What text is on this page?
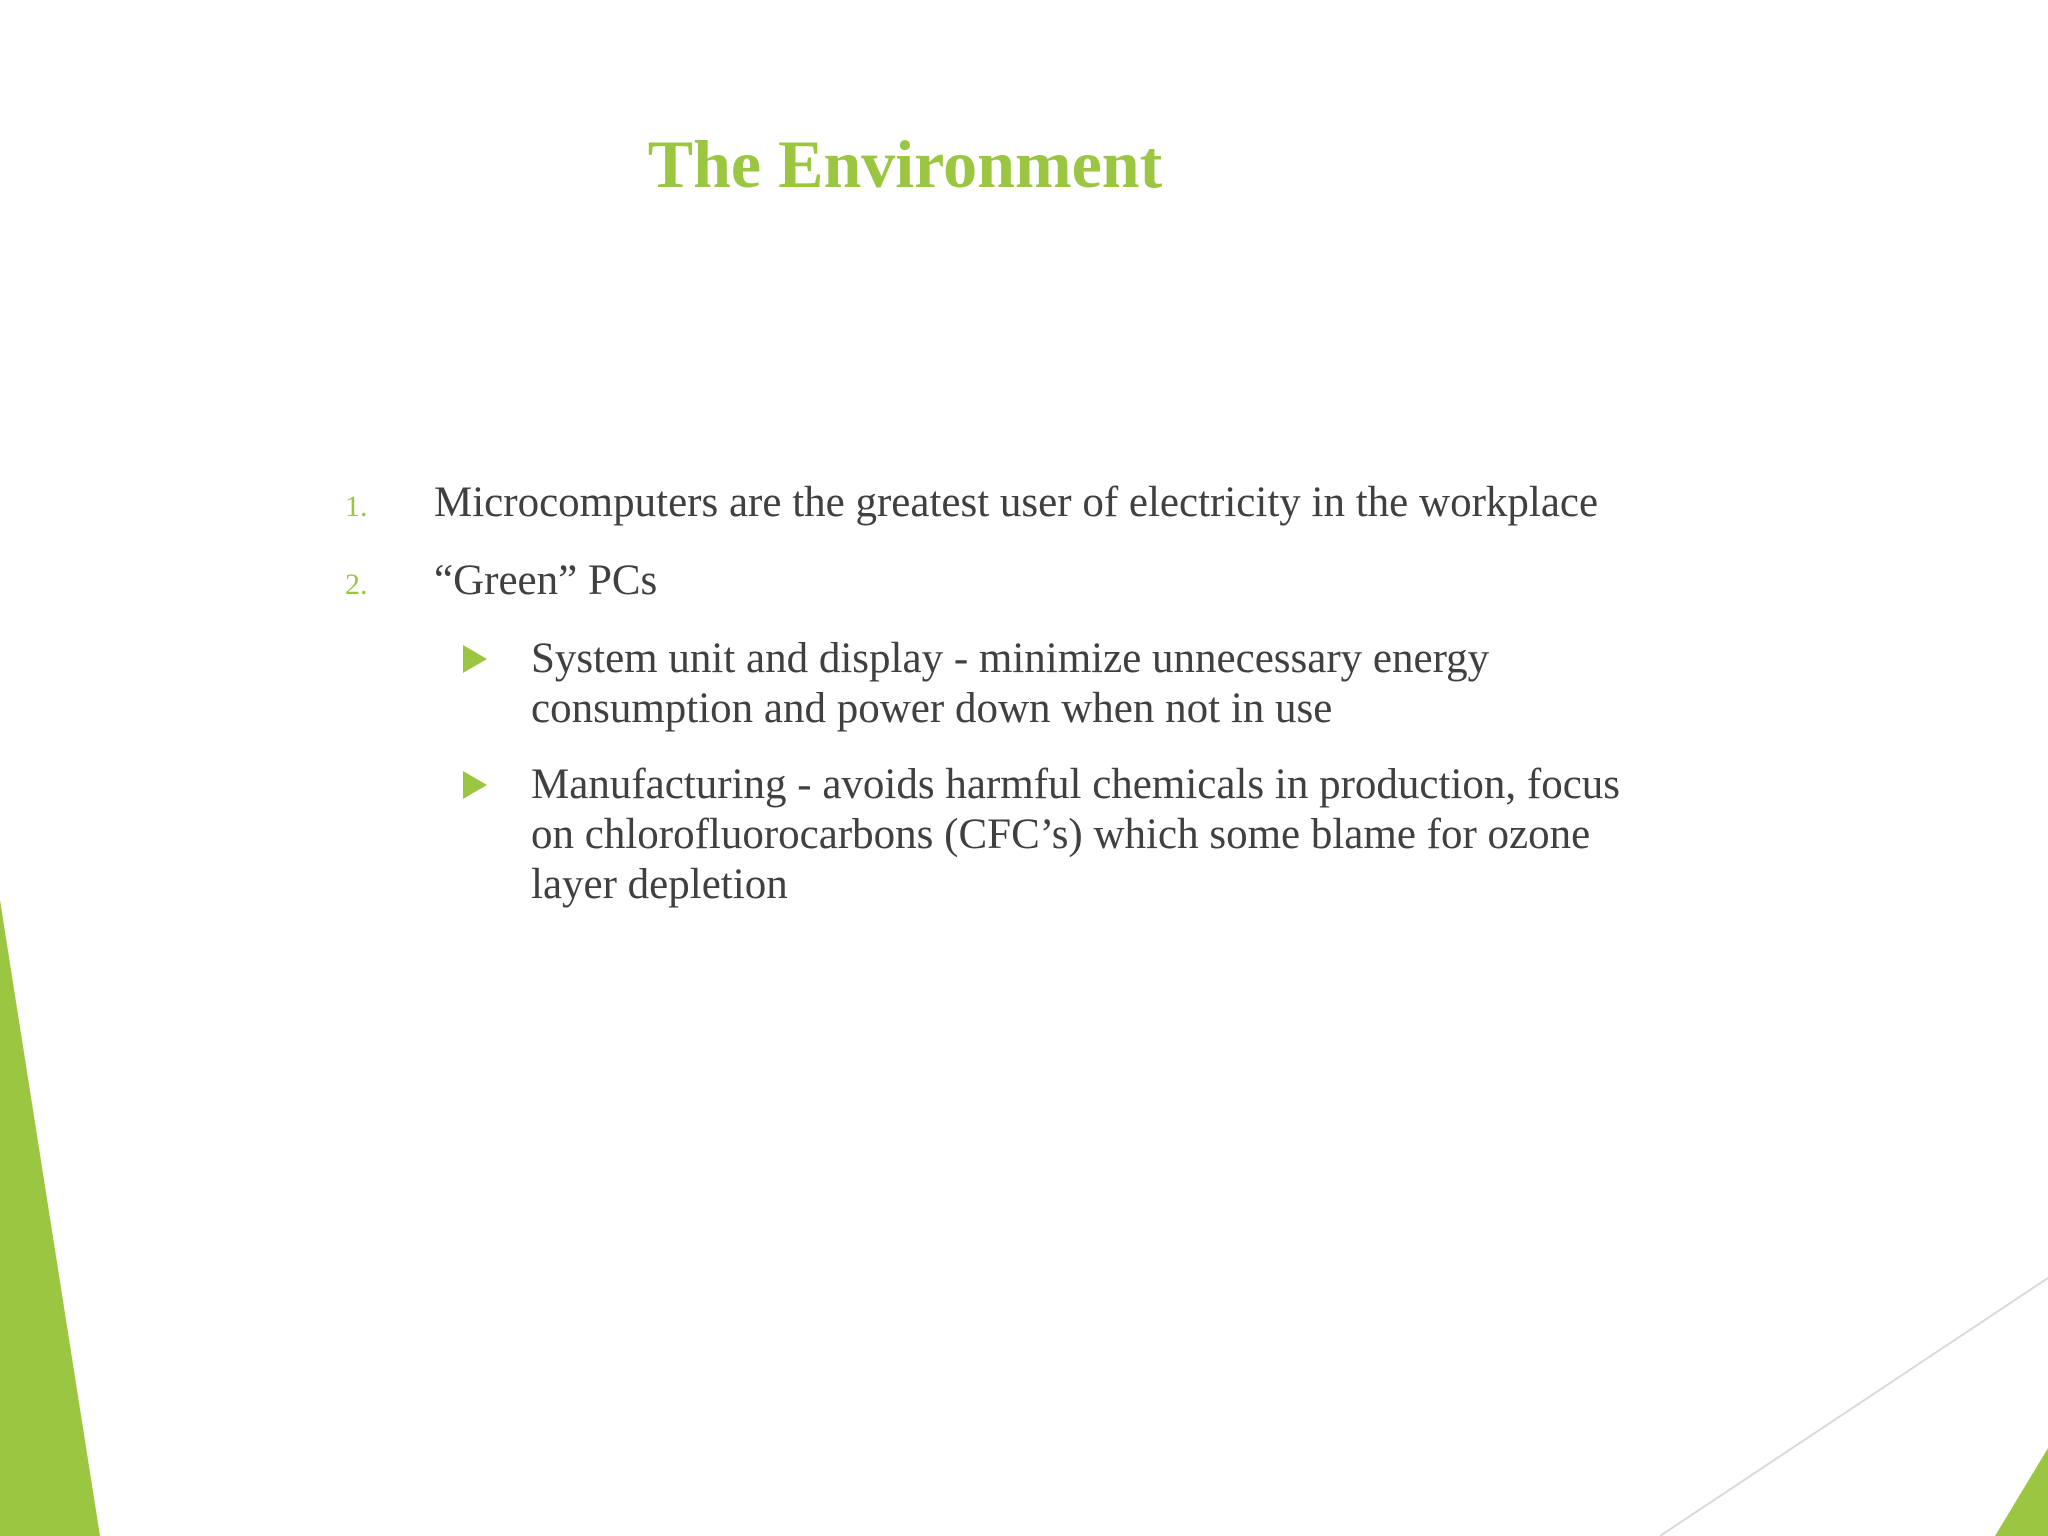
The Environment
1.	Microcomputers are the greatest user of electricity in the workplace
2.	“Green” PCs
System unit and display - minimize unnecessary energy consumption and power down when not in use
Manufacturing - avoids harmful chemicals in production, focus on chlorofluorocarbons (CFC’s) which some blame for ozone layer depletion
